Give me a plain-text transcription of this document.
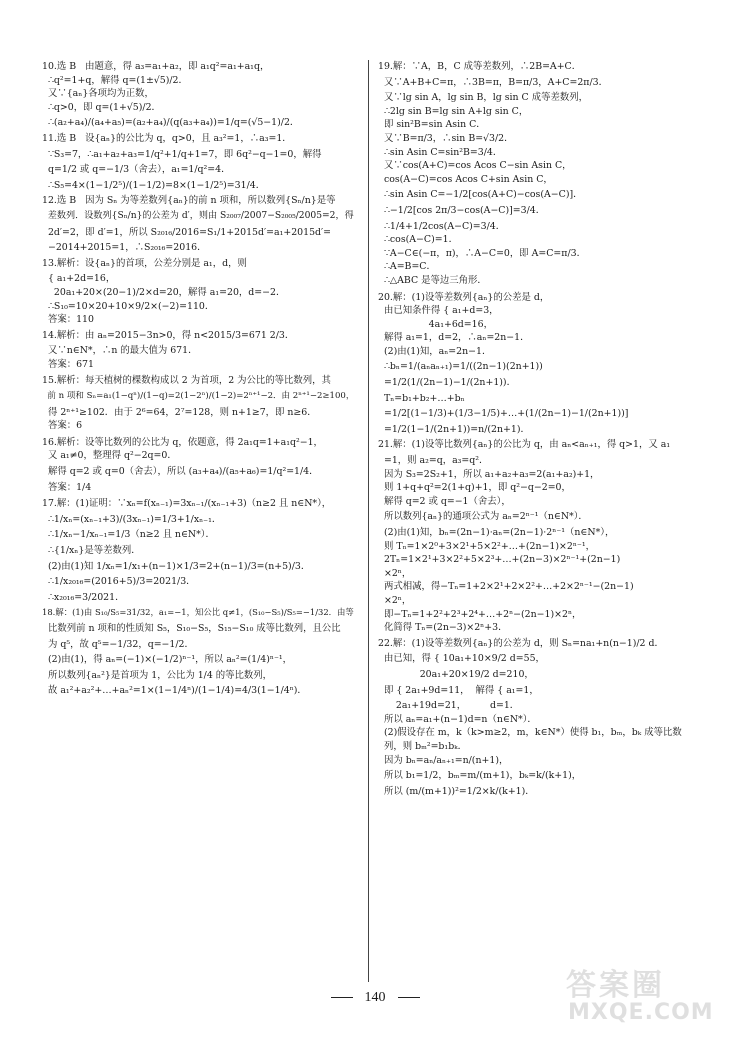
10.选 B   由题意，得 a₃=a₁+a₂，即 a₁q²=a₁+a₁q，
∴q²=1+q，解得 q=(1±√5)/2．
又∵{aₙ}各项均为正数，
∴q>0，即 q=(1+√5)/2．
∴(a₂+a₄)/(a₄+a₅)=(a₂+a₄)/(q(a₃+a₄))=1/q=(√5−1)/2．
11.选 B   设{aₙ}的公比为 q，q>0，且 a₃²=1，∴a₃=1．
∵S₃=7，∴a₁+a₂+a₃=1/q²+1/q+1=7，即 6q²−q−1=0，解得
q=1/2 或 q=−1/3（舍去），a₁=1/q²=4．
∴S₅=4×(1−1/2⁵)/(1−1/2)=8×(1−1/2⁵)=31/4．
12.选 B   因为 Sₙ 为等差数列{aₙ}的前 n 项和，所以数列{Sₙ/n}是等
差数列．设数列{Sₙ/n}的公差为 d′，则由 S₂₀₀₇/2007−S₂₀₀₅/2005=2，得
2d′=2，即 d′=1，所以 S₂₀₁₆/2016=S₁/1+2015d′=a₁+2015d′=
−2014+2015=1，∴S₂₀₁₆=2016．
13.解析：设{aₙ}的首项，公差分别是 a₁，d，则
{ a₁+2d=16，
20a₁+20×(20−1)/2×d=20，解得 a₁=20，d=−2．
∴S₁₀=10×20+10×9/2×(−2)=110．
答案：110
14.解析：由 aₙ=2015−3n>0，得 n<2015/3=671 2/3．
又∵n∈N*，∴n 的最大值为 671．
答案：671
15.解析：每天植树的棵数构成以 2 为首项，2 为公比的等比数列，其
前 n 项和 Sₙ=a₁(1−qⁿ)/(1−q)=2(1−2ⁿ)/(1−2)=2ⁿ⁺¹−2．由 2ⁿ⁺¹−2≥100，
得 2ⁿ⁺¹≥102．由于 2⁶=64，2⁷=128，则 n+1≥7，即 n≥6．
答案：6
16.解析：设等比数列的公比为 q，依题意，得 2a₁q=1+a₁q²−1，
又 a₁≠0，整理得 q²−2q=0．
解得 q=2 或 q=0（舍去），所以 (a₃+a₄)/(a₅+a₆)=1/q²=1/4．
答案：1/4
17.解：(1)证明：∵xₙ=f(xₙ₋₁)=3xₙ₋₁/(xₙ₋₁+3)（n≥2 且 n∈N*），
∴1/xₙ=(xₙ₋₁+3)/(3xₙ₋₁)=1/3+1/xₙ₋₁．
∴1/xₙ−1/xₙ₋₁=1/3（n≥2 且 n∈N*）．
∴{1/xₙ}是等差数列．
(2)由(1)知 1/xₙ=1/x₁+(n−1)×1/3=2+(n−1)/3=(n+5)/3．
∴1/x₂₀₁₆=(2016+5)/3=2021/3．
∴x₂₀₁₆=3/2021．
18.解：(1)由 S₁₀/S₅=31/32，a₁=−1，知公比 q≠1，(S₁₀−S₅)/S₅=−1/32．由等
比数列前 n 项和的性质知 S₅，S₁₀−S₅，S₁₅−S₁₀ 成等比数列，且公比
为 q⁵，故 q⁵=−1/32，q=−1/2．
(2)由(1)，得 aₙ=(−1)×(−1/2)ⁿ⁻¹，所以 aₙ²=(1/4)ⁿ⁻¹，
所以数列{aₙ²}是首项为 1，公比为 1/4 的等比数列，
故 a₁²+a₂²+…+aₙ²=1×(1−1/4ⁿ)/(1−1/4)=4/3(1−1/4ⁿ)．
19.解：∵A，B，C 成等差数列，∴2B=A+C．
又∵A+B+C=π，∴3B=π，B=π/3，A+C=2π/3．
又∵lg sin A，lg sin B，lg sin C 成等差数列，
∴2lg sin B=lg sin A+lg sin C，
即 sin²B=sin Asin C．
又∵B=π/3，∴sin B=√3/2．
∴sin Asin C=sin²B=3/4．
又∵cos(A+C)=cos Acos C−sin Asin C，
cos(A−C)=cos Acos C+sin Asin C，
∴sin Asin C=−1/2[cos(A+C)−cos(A−C)]．
∴−1/2[cos 2π/3−cos(A−C)]=3/4．
∴1/4+1/2cos(A−C)=3/4．
∴cos(A−C)=1．
∵A−C∈(−π，π)，∴A−C=0，即 A=C=π/3．
∴A=B=C．
∴△ABC 是等边三角形．
20.解：(1)设等差数列{aₙ}的公差是 d，
由已知条件得 { a₁+d=3，
4a₁+6d=16，
解得 a₁=1，d=2，∴aₙ=2n−1．
(2)由(1)知，aₙ=2n−1．
∴bₙ=1/(aₙaₙ₊₁)=1/((2n−1)(2n+1))
=1/2(1/(2n−1)−1/(2n+1))．
Tₙ=b₁+b₂+…+bₙ
=1/2[(1−1/3)+(1/3−1/5)+…+(1/(2n−1)−1/(2n+1))]
=1/2(1−1/(2n+1))=n/(2n+1)．
21.解：(1)设等比数列{aₙ}的公比为 q，由 aₙ<aₙ₊₁，得 q>1，又 a₁
=1，则 a₂=q，a₃=q²．
因为 S₃=2S₂+1，所以 a₁+a₂+a₃=2(a₁+a₂)+1，
则 1+q+q²=2(1+q)+1，即 q²−q−2=0，
解得 q=2 或 q=−1（舍去），
所以数列{aₙ}的通项公式为 aₙ=2ⁿ⁻¹（n∈N*）．
(2)由(1)知，bₙ=(2n−1)·aₙ=(2n−1)·2ⁿ⁻¹（n∈N*），
则 Tₙ=1×2⁰+3×2¹+5×2²+…+(2n−1)×2ⁿ⁻¹，
2Tₙ=1×2¹+3×2²+5×2³+…+(2n−3)×2ⁿ⁻¹+(2n−1)
×2ⁿ，
两式相减，得−Tₙ=1+2×2¹+2×2²+…+2×2ⁿ⁻¹−(2n−1)
×2ⁿ，
即−Tₙ=1+2²+2³+2⁴+…+2ⁿ−(2n−1)×2ⁿ，
化简得 Tₙ=(2n−3)×2ⁿ+3．
22.解：(1)设等差数列{aₙ}的公差为 d，则 Sₙ=na₁+n(n−1)/2 d．
由已知，得 { 10a₁+10×9/2 d=55，
20a₁+20×19/2 d=210，
即 { 2a₁+9d=11，  解得 { a₁=1，
2a₁+19d=21，        d=1．
所以 aₙ=a₁+(n−1)d=n（n∈N*）．
(2)假设存在 m，k（k>m≥2，m，k∈N*）使得 b₁，bₘ，bₖ 成等比数
列，则 bₘ²=b₁bₖ．
因为 bₙ=aₙ/aₙ₊₁=n/(n+1)，
所以 b₁=1/2，bₘ=m/(m+1)，bₖ=k/(k+1)，
所以 (m/(m+1))²=1/2×k/(k+1)．
140	答案圈
MXQE.COM
